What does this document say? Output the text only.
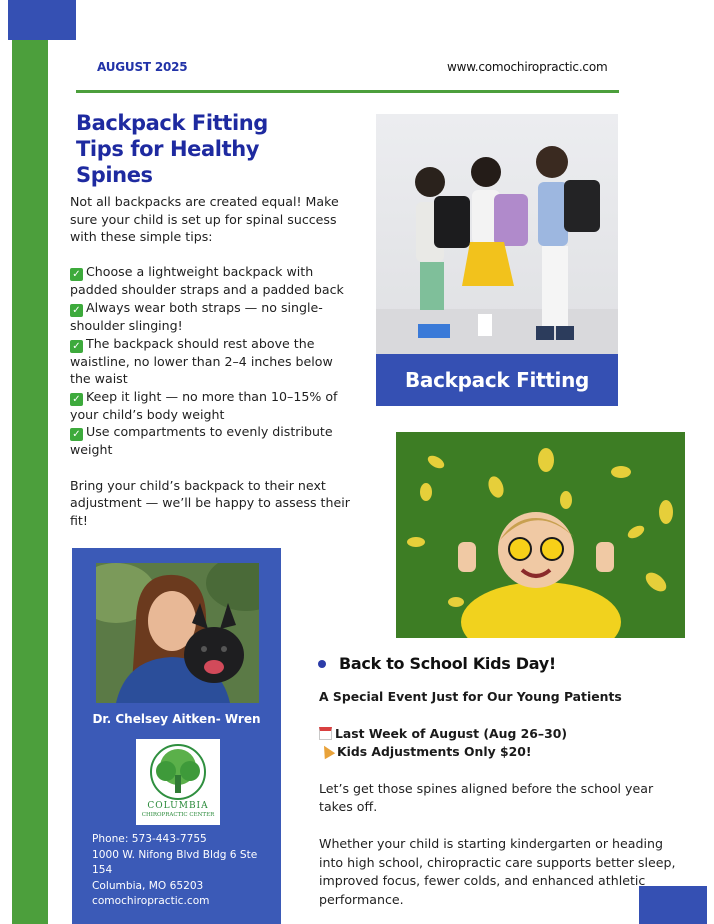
AUGUST 2025	www.comochiropractic.com
Backpack Fitting
Tips for Healthy
Spines

Not all backpacks are created equal! Make sure your child is set up for spinal success with these simple tips:

✓ Choose a lightweight backpack with padded shoulder straps and a padded back

✓ Always wear both straps — no single-shoulder slinging!

✓ The backpack should rest above the waistline, no lower than 2–4 inches below the waist

✓ Keep it light — no more than 10–15% of your child’s body weight

✓ Use compartments to evenly distribute weight

Bring your child’s backpack to their next adjustment — we’ll be happy to assess their fit!

Backpack Fitting
Dr. Chelsey Aitken- Wren
COLUMBIA
CHIROPRACTIC CENTER
Phone: 573-443-7755
1000 W. Nifong Blvd Bldg 6 Ste
154
Columbia, MO 65203
comochiropractic.com
Back to School Kids Day!
A Special Event Just for Our Young Patients
Last Week of August (Aug 26–30)
Kids Adjustments Only $20!
Let’s get those spines aligned before the school year takes off.
Whether your child is starting kindergarten or heading into high school, chiropractic care supports better sleep, improved focus, fewer colds, and enhanced athletic performance.
